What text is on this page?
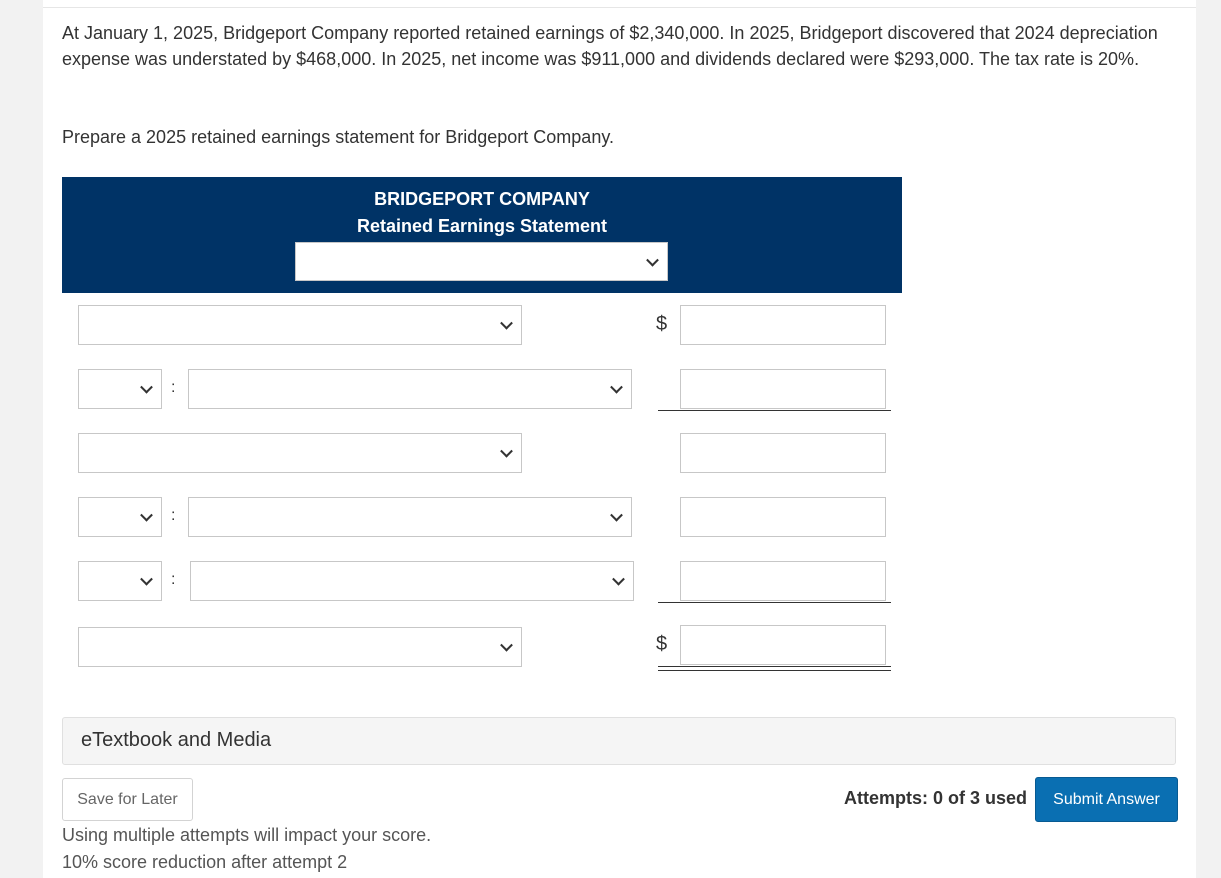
At January 1, 2025, Bridgeport Company reported retained earnings of $2,340,000. In 2025, Bridgeport discovered that 2024 depreciation expense was understated by $468,000. In 2025, net income was $911,000 and dividends declared were $293,000. The tax rate is 20%.
Prepare a 2025 retained earnings statement for Bridgeport Company.
BRIDGEPORT COMPANY
Retained Earnings Statement
$
:
:
:
$
eTextbook and Media
Save for Later	Attempts: 0 of 3 used	Submit Answer
Using multiple attempts will impact your score.
10% score reduction after attempt 2
